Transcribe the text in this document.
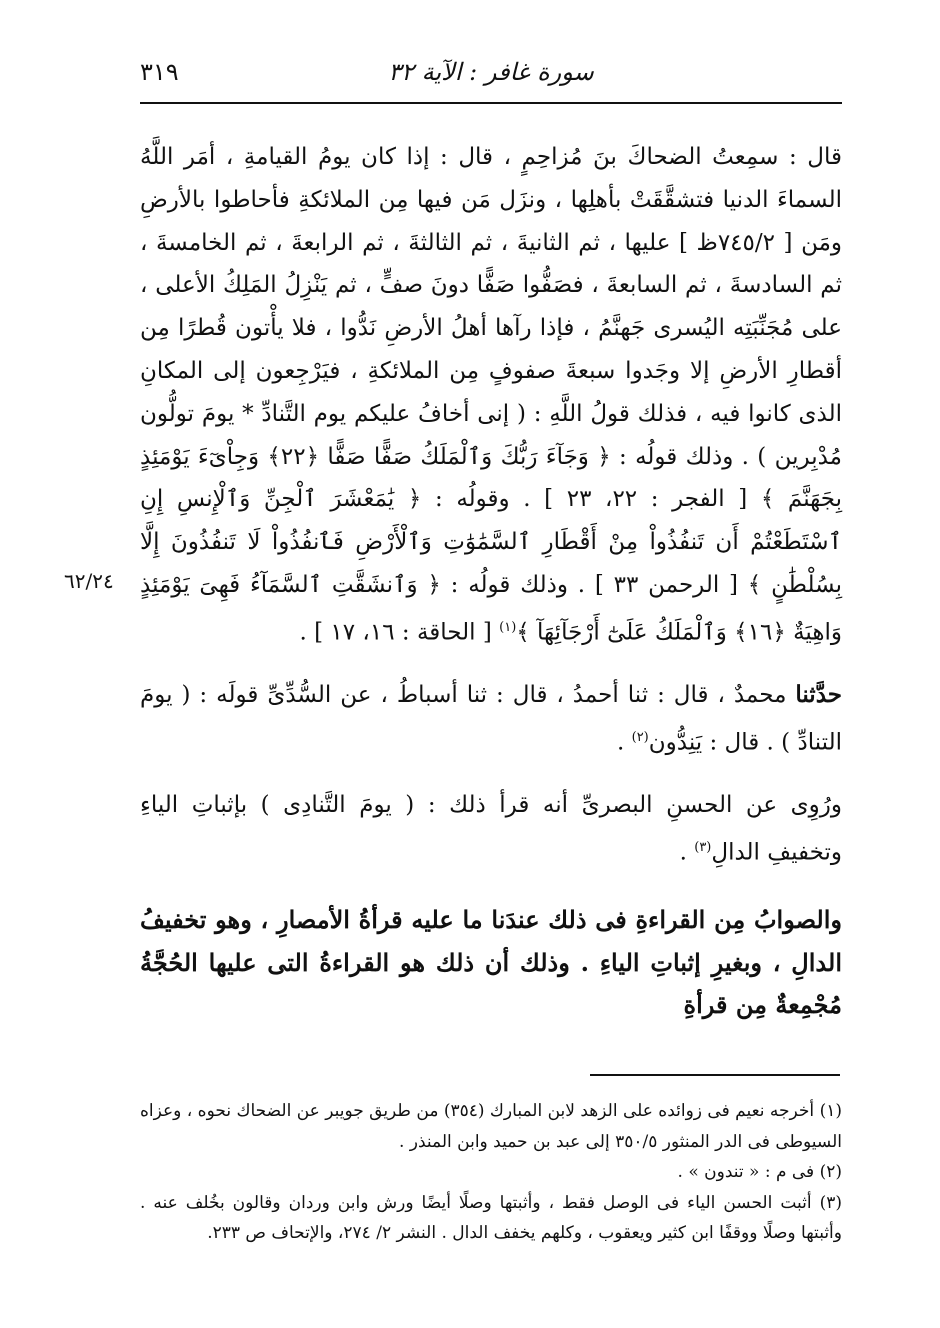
٣١٩	سورة غافر : الآية ٣٢
٦٢/٢٤

قال : سمِعتُ الضحاكَ بنَ مُزاحِمٍ ، قال : إذا كان يومُ القيامةِ ، أمَر اللَّهُ السماءَ الدنيا فتشقَّقَتْ بأهلِها ، ونزَل مَن فيها مِن الملائكةِ فأحاطوا بالأرضِ ومَن [ ٧٤٥/٢ظ ] عليها ، ثم الثانيةَ ، ثم الثالثةَ ، ثم الرابعةَ ، ثم الخامسةَ ، ثم السادسةَ ، ثم السابعةَ ، فصَفُّوا صَفًّا دونَ صفٍّ ، ثم يَنْزِلُ المَلِكُ الأعلى ، على مُجَنِّبَتِه اليُسرى جَهنَّمُ ، فإذا رآها أهلُ الأرضِ نَدُّوا ، فلا يأْتون قُطرًا مِن أقطارِ الأرضِ إلا وجَدوا سبعةَ صفوفٍ مِن الملائكةِ ، فيَرْجِعون إلى المكانِ الذى كانوا فيه ، فذلك قولُ اللَّهِ : ( إنى أخافُ عليكم يوم التَّنادِّ * يومَ تولُّون مُدْبِرين ) . وذلك قولُه : ﴿ وَجَآءَ رَبُّكَ وَٱلْمَلَكُ صَفًّا صَفًّا ﴿٢٢﴾ وَجِاْىٓءَ يَوْمَئِذٍ بِجَهَنَّمَ ﴾ [ الفجر : ٢٢، ٢٣ ] . وقولُه : ﴿ يَٰمَعْشَرَ ٱلْجِنِّ وَٱلْإِنسِ إِنِ ٱسْتَطَعْتُمْ أَن تَنفُذُواْ مِنْ أَقْطَارِ ٱلسَّمَٰوَٰتِ وَٱلْأَرْضِ فَٱنفُذُواْ لَا تَنفُذُونَ إِلَّا بِسُلْطَٰنٍ ﴾ [ الرحمن ٣٣ ] . وذلك قولُه : ﴿ وَٱنشَقَّتِ ٱلسَّمَآءُ فَهِىَ يَوْمَئِذٍ وَاهِيَةٌ ﴿١٦﴾ وَٱلْمَلَكُ عَلَىٰٓ أَرْجَآئِهَآ ﴾$^{(١)}$ [ الحاقة : ١٦، ١٧ ] .

حدَّثنا محمدٌ ، قال : ثنا أحمدُ ، قال : ثنا أسباطُ ، عن السُّدِّىِّ قولَه : ( يومَ التنادِّ ) . قال : يَنِدُّون$^{(٢)}$ .

ورُوِى عن الحسنِ البصرىِّ أنه قرأ ذلك : ( يومَ التَّنادِى ) بإثباتِ الياءِ وتخفيفِ الدالِ$^{(٣)}$ .

والصوابُ مِن القراءةِ فى ذلك عندَنا ما عليه قرأةُ الأمصارِ ، وهو تخفيفُ الدالِ ، وبغيرِ إثباتِ الياءِ . وذلك أن ذلك هو القراءةُ التى عليها الحُجَّةُ مُجْمِعةٌ مِن قرأةِ

(١) أخرجه نعيم فى زوائده على الزهد لابن المبارك (٣٥٤) من طريق جويبر عن الضحاك نحوه ، وعزاه السيوطى فى الدر المنثور ٣٥٠/٥ إلى عبد بن حميد وابن المنذر .

(٢) فى م : « تندون » .

(٣) أثبت الحسن الياء فى الوصل فقط ، وأثبتها وصلًا أيضًا ورش وابن وردان وقالون بخُلف عنه . وأثبتها وصلًا ووقفًا ابن كثير ويعقوب ، وكلهم يخفف الدال . النشر ٢/ ٢٧٤، والإتحاف ص ٢٣٣.
